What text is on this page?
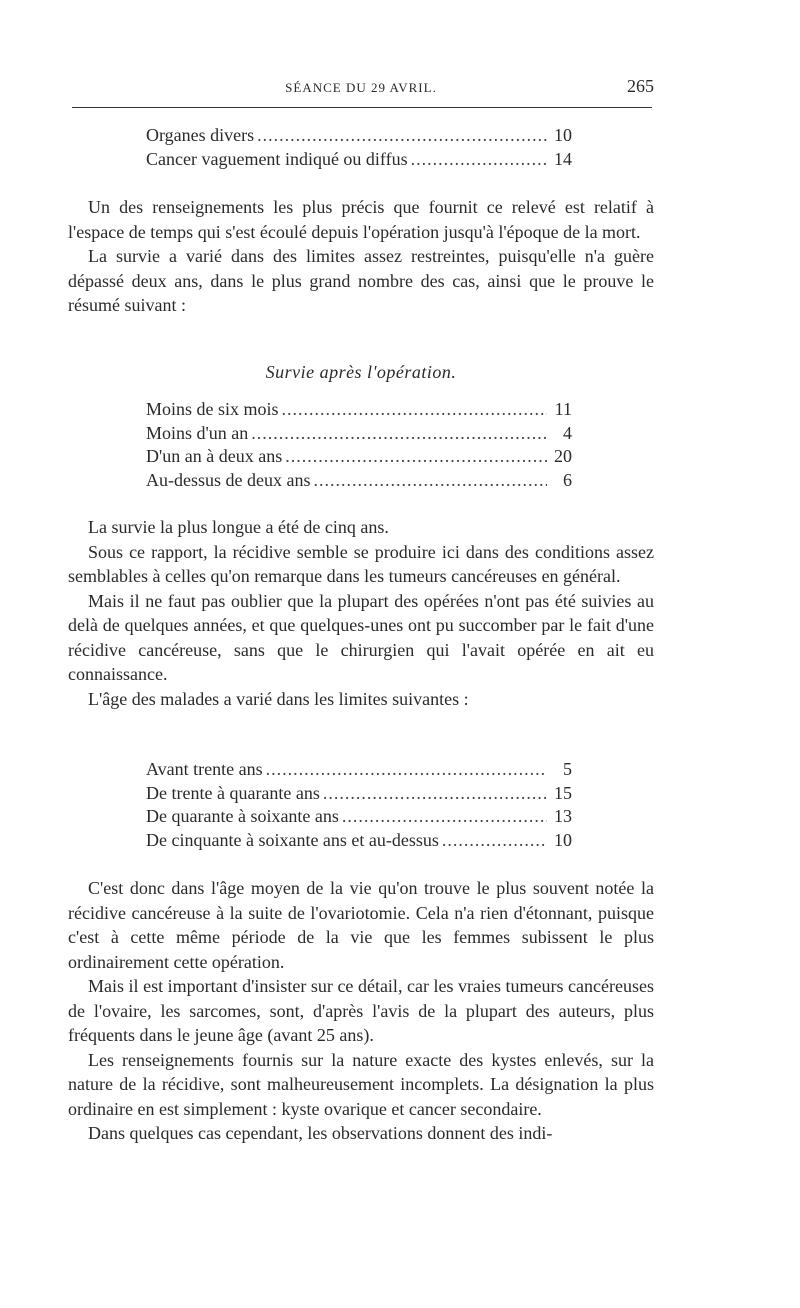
SÉANCE DU 29 AVRIL.	265
Organes divers .....	10
Cancer vaguement indiqué ou diffus .....	14

Un des renseignements les plus précis que fournit ce relevé est relatif à l'espace de temps qui s'est écoulé depuis l'opération jusqu'à l'époque de la mort.

La survie a varié dans des limites assez restreintes, puisqu'elle n'a guère dépassé deux ans, dans le plus grand nombre des cas, ainsi que le prouve le résumé suivant :

Survie après l'opération.
Moins de six mois .....	11
Moins d'un an .....	4
D'un an à deux ans .....	20
Au-dessus de deux ans .....	6

La survie la plus longue a été de cinq ans.

Sous ce rapport, la récidive semble se produire ici dans des conditions assez semblables à celles qu'on remarque dans les tumeurs cancéreuses en général.

Mais il ne faut pas oublier que la plupart des opérées n'ont pas été suivies au delà de quelques années, et que quelques-unes ont pu succomber par le fait d'une récidive cancéreuse, sans que le chirurgien qui l'avait opérée en ait eu connaissance.

L'âge des malades a varié dans les limites suivantes :

Avant trente ans .....	5
De trente à quarante ans .....	15
De quarante à soixante ans .....	13
De cinquante à soixante ans et au-dessus .....	10

C'est donc dans l'âge moyen de la vie qu'on trouve le plus souvent notée la récidive cancéreuse à la suite de l'ovariotomie. Cela n'a rien d'étonnant, puisque c'est à cette même période de la vie que les femmes subissent le plus ordinairement cette opération.

Mais il est important d'insister sur ce détail, car les vraies tumeurs cancéreuses de l'ovaire, les sarcomes, sont, d'après l'avis de la plupart des auteurs, plus fréquents dans le jeune âge (avant 25 ans).

Les renseignements fournis sur la nature exacte des kystes enlevés, sur la nature de la récidive, sont malheureusement incomplets. La désignation la plus ordinaire en est simplement : kyste ovarique et cancer secondaire.

Dans quelques cas cependant, les observations donnent des indi-
